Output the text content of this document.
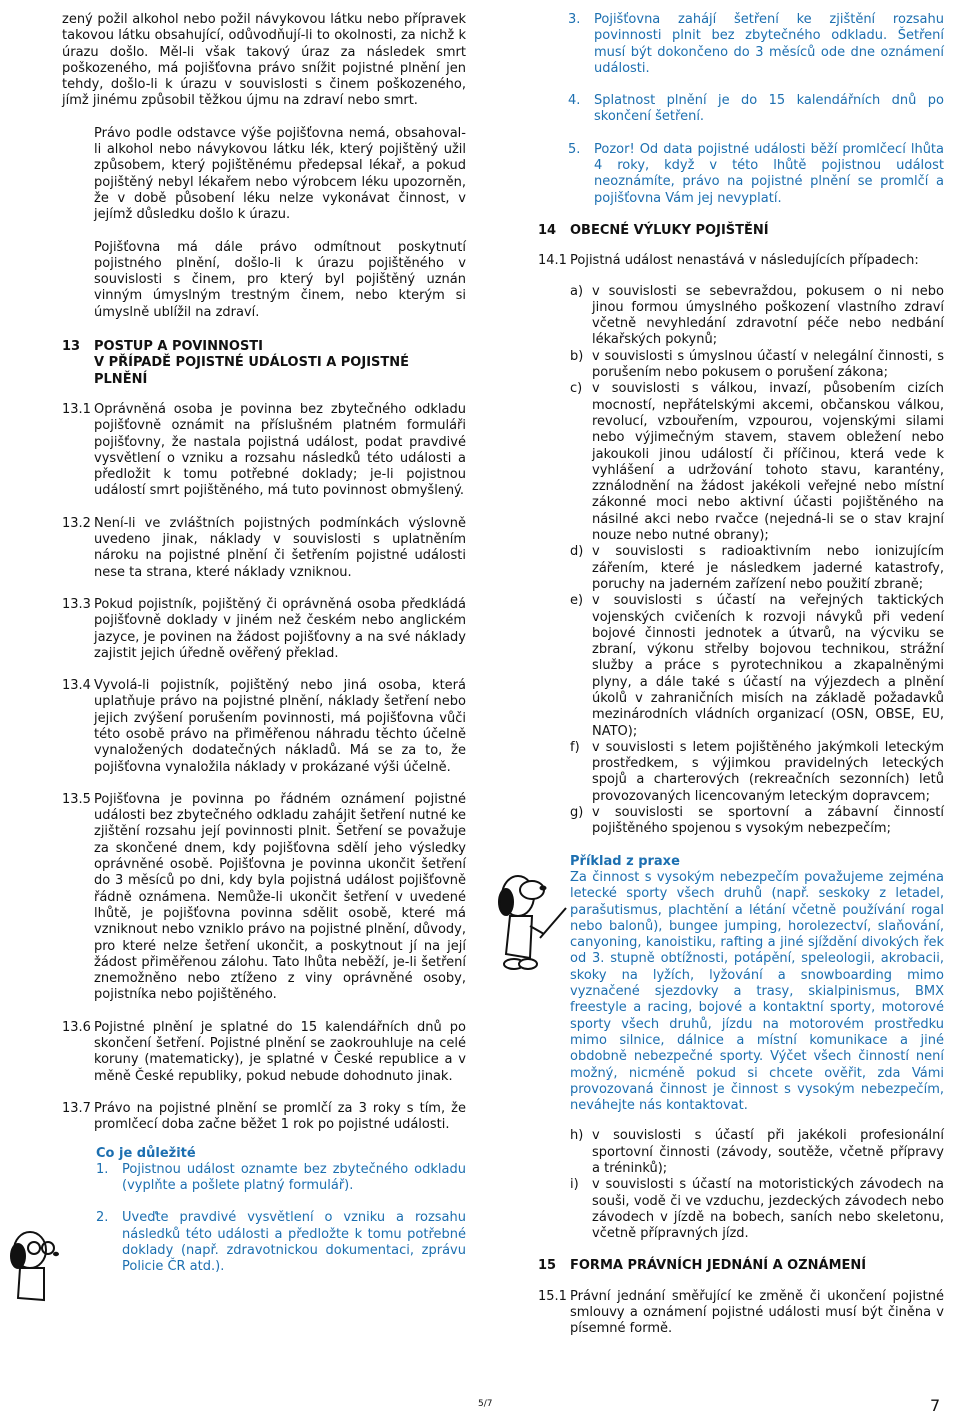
zený požil alkohol nebo požil návykovou látku nebo přípravek takovou látku obsahující, odůvodňují-li to okolnosti, za nichž k úrazu došlo. Měl-li však takový úraz za následek smrt poškozeného, má pojišťovna právo snížit pojistné plnění jen tehdy, došlo-li k úrazu v souvislosti s činem poškozeného, jímž jinému způsobil těžkou újmu na zdraví nebo smrt.

Právo podle odstavce výše pojišťovna nemá, obsahoval-li alkohol nebo návykovou látku lék, který pojištěný užil způsobem, který pojištěnému předepsal lékař, a pokud pojištěný nebyl lékařem nebo výrobcem léku upozorněn, že v době působení léku nelze vykonávat činnost, v jejímž důsledku došlo k úrazu.

Pojišťovna má dále právo odmítnout poskytnutí pojistného plnění, došlo-li k úrazu pojištěného v souvislosti s činem, pro který byl pojištěný uznán vinným úmyslným trestným činem, nebo kterým si úmyslně ublížil na zdraví.

13	POSTUP A POVINNOSTI
V PŘÍPADĚ POJISTNÉ UDÁLOSTI A POJISTNÉ PLNĚNÍ
13.1 Oprávněná osoba je povinna bez zbytečného odkladu pojišťovně oznámit na příslušném platném formuláři pojišťovny, že nastala pojistná událost, podat pravdivé vysvětlení o vzniku a rozsahu následků této události a předložit k tomu potřebné doklady; je-li pojistnou událostí smrt pojištěného, má tuto povinnost obmyšlený.
13.2 Není-li ve zvláštních pojistných podmínkách výslovně uvedeno jinak, náklady v souvislosti s uplatněním nároku na pojistné plnění či šetřením pojistné události nese ta strana, které náklady vzniknou.
13.3 Pokud pojistník, pojištěný či oprávněná osoba předkládá pojišťovně doklady v jiném než českém nebo anglickém jazyce, je povinen na žádost pojišťovny a na své náklady zajistit jejich úředně ověřený překlad.
13.4 Vyvolá-li pojistník, pojištěný nebo jiná osoba, která uplatňuje právo na pojistné plnění, náklady šetření nebo jejich zvýšení porušením povinnosti, má pojišťovna vůči této osobě právo na přiměřenou náhradu těchto účelně vynaložených dodatečných nákladů. Má se za to, že pojišťovna vynaložila náklady v prokázané výši účelně.
13.5 Pojišťovna je povinna po řádném oznámení pojistné události bez zbytečného odkladu zahájit šetření nutné ke zjištění rozsahu její povinnosti plnit. Šetření se považuje za skončené dnem, kdy pojišťovna sdělí jeho výsledky oprávněné osobě. Pojišťovna je povinna ukončit šetření do 3 měsíců po dni, kdy byla pojistná událost pojišťovně řádně oznámena. Nemůže-li ukončit šetření v uvedené lhůtě, je pojišťovna povinna sdělit osobě, které má vzniknout nebo vzniklo právo na pojistné plnění, důvody, pro které nelze šetření ukončit, a poskytnout jí na její žádost přiměřenou zálohu. Tato lhůta neběží, je-li šetření znemožněno nebo ztíženo z viny oprávněné osoby, pojistníka nebo pojištěného.
13.6 Pojistné plnění je splatné do 15 kalendářních dnů po skončení šetření. Pojistné plnění se zaokrouhluje na celé koruny (matematicky), je splatné v České republice a v měně České republiky, pokud nebude dohodnuto jinak.
13.7 Právo na pojistné plnění se promlčí za 3 roky s tím, že promlčecí doba začne běžet 1 rok po pojistné události.
Co je důležité
1.	Pojistnou událost oznamte bez zbytečného odkladu (vyplňte a pošlete platný formulář).
2.	Uveďte pravdivé vysvětlení o vzniku a rozsahu následků této události a předložte k tomu potřebné doklady (např. zdravotnickou dokumentaci, zprávu Policie ČR atd.).
3.	Pojišťovna zahájí šetření ke zjištění rozsahu povinnosti plnit bez zbytečného odkladu. Šetření musí být dokončeno do 3 měsíců ode dne oznámení události.
4.	Splatnost plnění je do 15 kalendářních dnů po skončení šetření.
5.	Pozor! Od data pojistné události běží promlčecí lhůta 4 roky, když v této lhůtě pojistnou událost neoznámíte, právo na pojistné plnění se promlčí a pojišťovna Vám jej nevyplatí.
14	OBECNÉ VÝLUKY POJIŠTĚNÍ
14.1 Pojistná událost nenastává v následujících případech:
a) v souvislosti se sebevraždou, pokusem o ni nebo jinou formou úmyslného poškození vlastního zdraví včetně nevyhledání zdravotní péče nebo nedbání lékařských pokynů;
b) v souvislosti s úmyslnou účastí v nelegální činnosti, s porušením nebo pokusem o porušení zákona;
c) v souvislosti s válkou, invazí, působením cizích mocností, nepřátelskými akcemi, občanskou válkou, revolucí, vzbouřením, vzpourou, vojenskými silami nebo výjimečným stavem, stavem obležení nebo jakoukoli jinou událostí či příčinou, která vede k vyhlášení a udržování tohoto stavu, karantény, zználodnění na žádost jakékoli veřejné nebo místní zákonné moci nebo aktivní účasti pojištěného na násilné akci nebo rvačce (nejedná-li se o stav krajní nouze nebo nutné obrany);
d) v souvislosti s radioaktivním nebo ionizujícím zářením, které je následkem jaderné katastrofy, poruchy na jaderném zařízení nebo použití zbraně;
e) v souvislosti s účastí na veřejných taktických vojenských cvičeních k rozvoji návyků při vedení bojové činnosti jednotek a útvarů, na výcviku se zbraní, výkonu střelby bojovou technikou, strážní služby a práce s pyrotechnikou a zkapalněnými plyny, a dále také s účastí na výjezdech a plnění úkolů v zahraničních misích na základě požadavků mezinárodních vládních organizací (OSN, OBSE, EU, NATO);
f) v souvislosti s letem pojištěného jakýmkoli leteckým prostředkem, s výjimkou pravidelných leteckých spojů a charterových (rekreačních sezonních) letů provozovaných licencovaným leteckým dopravcem;
g) v souvislosti se sportovní a zábavní činností pojištěného spojenou s vysokým nebezpečím;
Příklad z praxe

Za činnost s vysokým nebezpečím považujeme zejména letecké sporty všech druhů (např. seskoky z letadel, parašutismus, plachtění a létání včetně používání rogal nebo balonů), bungee jumping, horolezectví, slaňování, canyoning, kanoistiku, rafting a jiné sjíždění divokých řek od 3. stupně obtížnosti, potápění, speleologii, akrobacii, skoky na lyžích, lyžování a snowboarding mimo vyznačené sjezdovky a trasy, skialpinismus, BMX freestyle a racing, bojové a kontaktní sporty, motorové sporty všech druhů, jízdu na motorovém prostředku mimo silnice, dálnice a místní komunikace a jiné obdobně nebezpečné sporty. Výčet všech činností není možný, nicméně pokud si chcete ověřit, zda Vámi provozovaná činnost je činnost s vysokým nebezpečím, neváhejte nás kontaktovat.

h) v souvislosti s účastí při jakékoli profesionální sportovní činnosti (závody, soutěže, včetně přípravy a tréninků);
i)	v souvislosti s účastí na motoristických závodech na souši, vodě či ve vzduchu, jezdeckých závodech nebo závodech v jízdě na bobech, saních nebo skeletonu, včetně přípravných jízd.
15	FORMA PRÁVNÍCH JEDNÁNÍ A OZNÁMENÍ
15.1 Právní jednání směřující ke změně či ukončení pojistné smlouvy a oznámení pojistné události musí být činěna v písemné formě.
5/7	7
